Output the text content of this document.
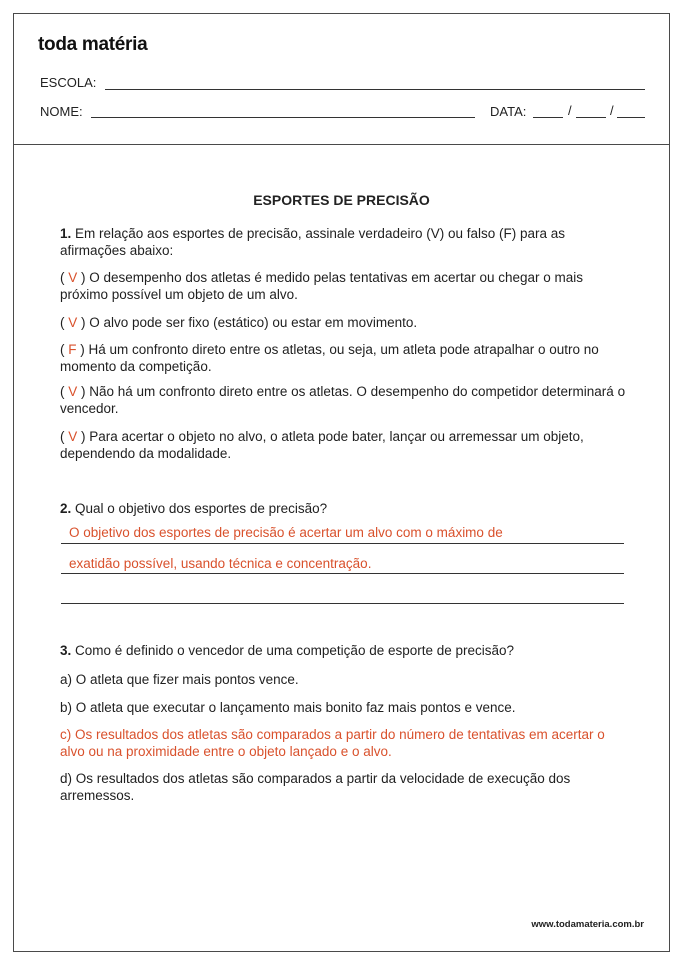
toda matéria
ESCOLA:
NOME:	DATA:	/	/
ESPORTES DE PRECISÃO
1. Em relação aos esportes de precisão, assinale verdadeiro (V) ou falso (F) para as afirmações abaixo:
( V ) O desempenho dos atletas é medido pelas tentativas em acertar ou chegar o mais próximo possível um objeto de um alvo.
( V ) O alvo pode ser fixo (estático) ou estar em movimento.
( F ) Há um confronto direto entre os atletas, ou seja, um atleta pode atrapalhar o outro no momento da competição.
( V ) Não há um confronto direto entre os atletas. O desempenho do competidor determinará o vencedor.
( V ) Para acertar o objeto no alvo, o atleta pode bater, lançar ou arremessar um objeto, dependendo da modalidade.
2. Qual o objetivo dos esportes de precisão?
O objetivo dos esportes de precisão é acertar um alvo com o máximo de
exatidão possível, usando técnica e concentração.
3. Como é definido o vencedor de uma competição de esporte de precisão?
a) O atleta que fizer mais pontos vence.
b) O atleta que executar o lançamento mais bonito faz mais pontos e vence.
c) Os resultados dos atletas são comparados a partir do número de tentativas em acertar o alvo ou na proximidade entre o objeto lançado e o alvo.
d) Os resultados dos atletas são comparados a partir da velocidade de execução dos arremessos.
www.todamateria.com.br
